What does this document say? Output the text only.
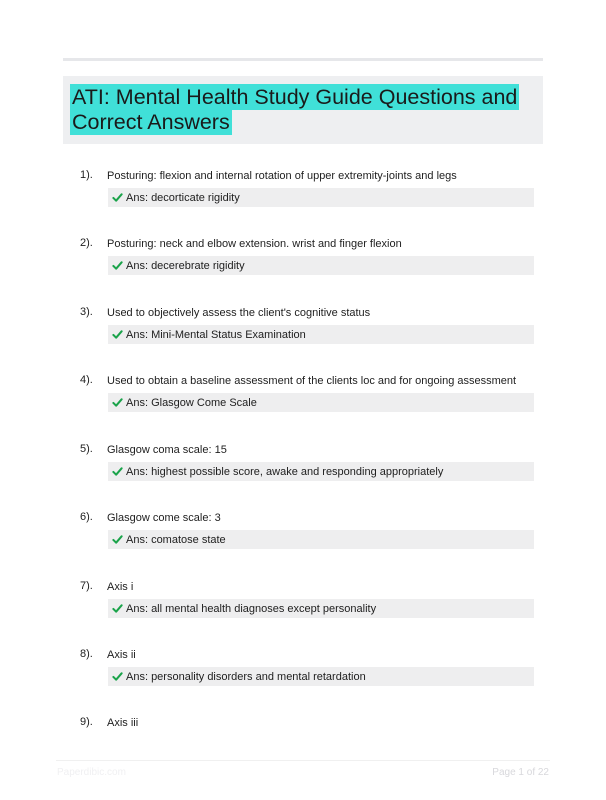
ATI: Mental Health Study Guide Questions and Correct Answers
1). Posturing: flexion and internal rotation of upper extremity-joints and legs
Ans: decorticate rigidity
2). Posturing: neck and elbow extension. wrist and finger flexion
Ans: decerebrate rigidity
3). Used to objectively assess the client's cognitive status
Ans: Mini-Mental Status Examination
4). Used to obtain a baseline assessment of the clients loc and for ongoing assessment
Ans: Glasgow Come Scale
5). Glasgow coma scale: 15
Ans: highest possible score, awake and responding appropriately
6). Glasgow come scale: 3
Ans: comatose state
7). Axis i
Ans: all mental health diagnoses except personality
8). Axis ii
Ans: personality disorders and mental retardation
9). Axis iii
Paperdibic.com	Page 1 of 22
